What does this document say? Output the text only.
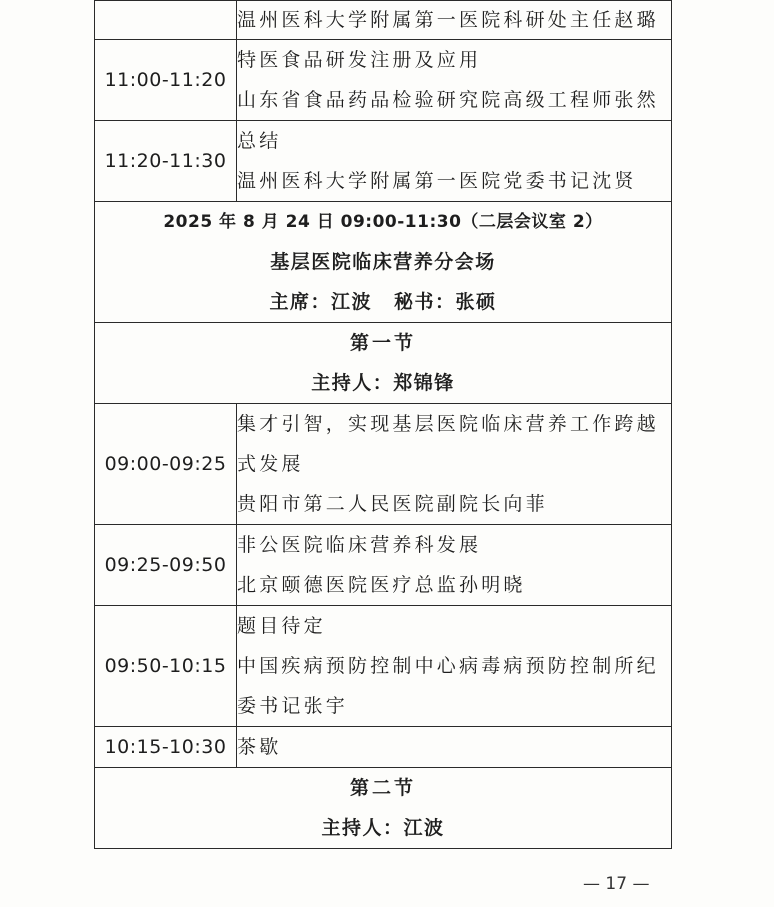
	温州医科大学附属第一医院科研处主任赵璐

11:00-11:20	特医食品研发注册及应用
山东省食品药品检验研究院高级工程师张然

11:20-11:30	总结
温州医科大学附属第一医院党委书记沈贤

2025 年 8 月 24 日 09:00-11:30（二层会议室 2）
基层医院临床营养分会场
主席：江波 秘书：张硕	

第一节
主持人：郑锦锋	

09:00-09:25	集才引智，实现基层医院临床营养工作跨越
式发展
贵阳市第二人民医院副院长向菲

09:25-09:50	非公医院临床营养科发展
北京颐德医院医疗总监孙明晓

09:50-10:15	题目待定
中国疾病预防控制中心病毒病预防控制所纪
委书记张宇

10:15-10:30	茶歇

第二节
主持人：江波	
— 17 —
